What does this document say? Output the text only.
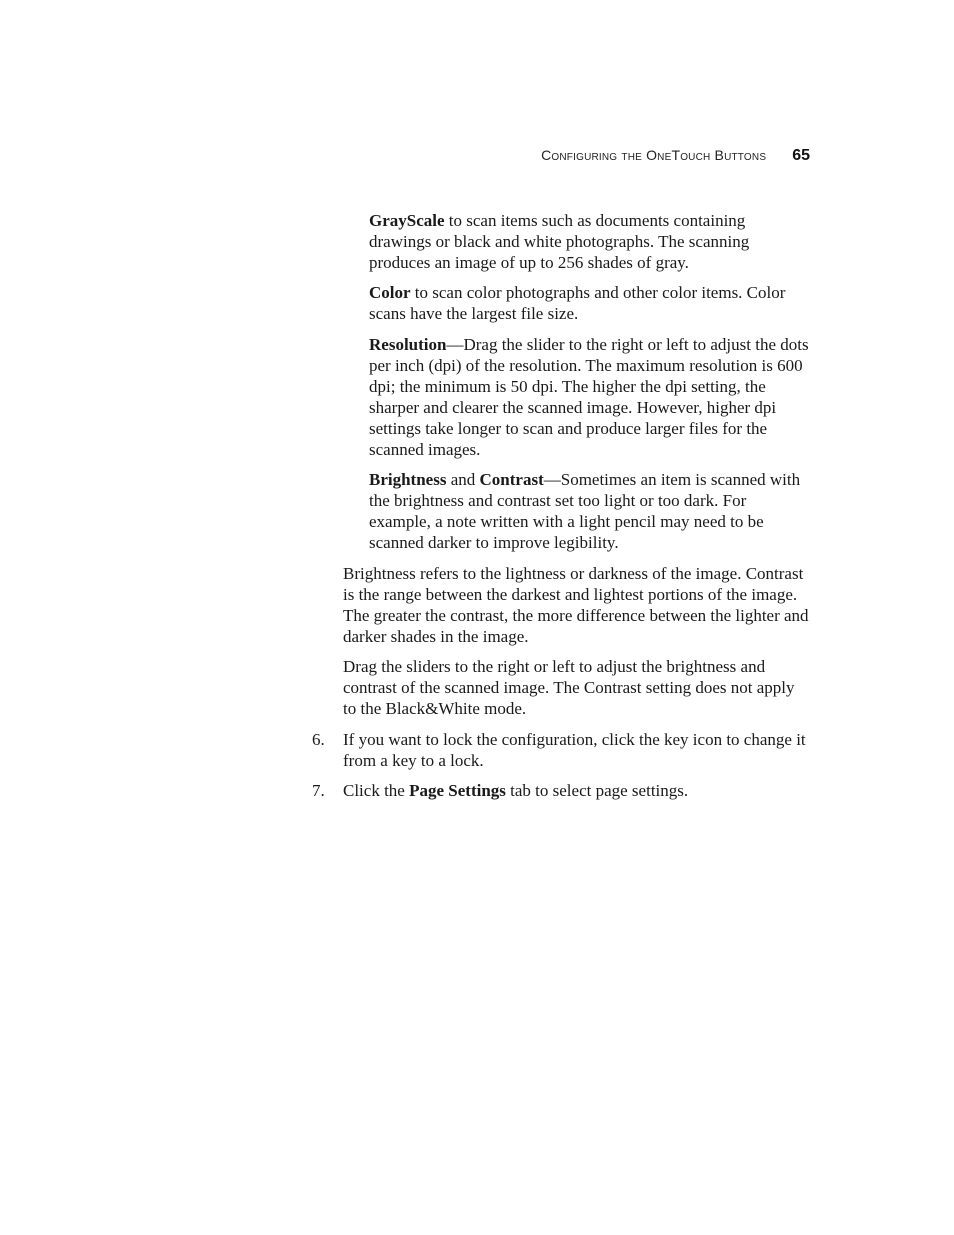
Configuring the OneTouch Buttons 65

GrayScale to scan items such as documents containing drawings or black and white photographs. The scanning produces an image of up to 256 shades of gray.

Color to scan color photographs and other color items. Color scans have the largest file size.

Resolution—Drag the slider to the right or left to adjust the dots per inch (dpi) of the resolution. The maximum resolution is 600 dpi; the minimum is 50 dpi. The higher the dpi setting, the sharper and clearer the scanned image. However, higher dpi settings take longer to scan and produce larger files for the scanned images.

Brightness and Contrast—Sometimes an item is scanned with the brightness and contrast set too light or too dark. For example, a note written with a light pencil may need to be scanned darker to improve legibility.

Brightness refers to the lightness or darkness of the image. Contrast is the range between the darkest and lightest portions of the image. The greater the contrast, the more difference between the lighter and darker shades in the image.

Drag the sliders to the right or left to adjust the brightness and contrast of the scanned image. The Contrast setting does not apply to the Black&White mode.

6.	If you want to lock the configuration, click the key icon to change it from a key to a lock.
7.	Click the Page Settings tab to select page settings.
